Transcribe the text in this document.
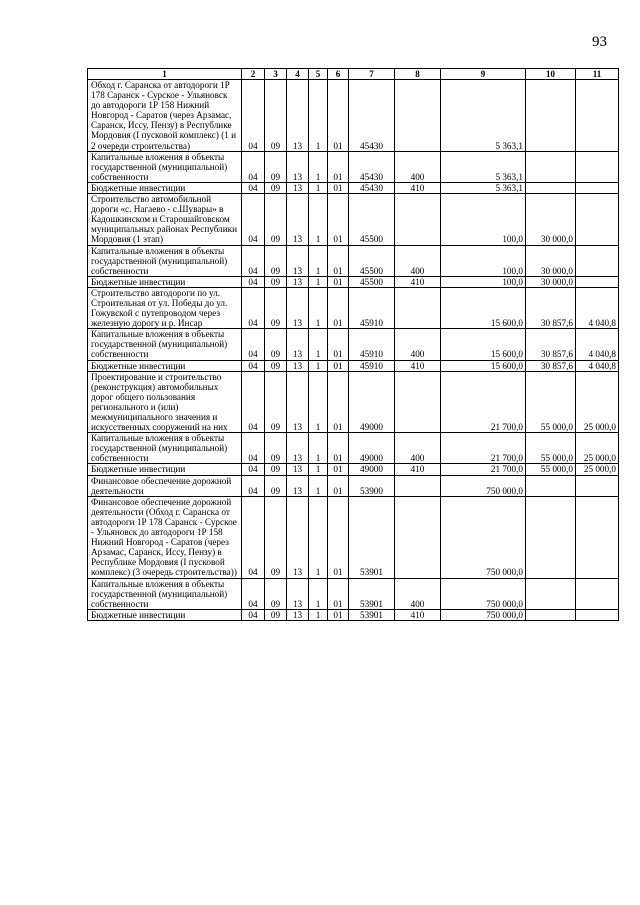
93
1	2	3	4	5	6	7	8	9	10	11
Обход г. Саранска от автодороги 1Р 178 Саранск - Сурское - Ульяновск до автодороги 1Р 158 Нижний Новгород - Саратов (через Арзамас, Саранск, Иссу, Пензу) в Республике Мордовия (I пусковой комплекс) (1 и 2 очереди строительства)	04	09	13	1	01	45430		5 363,1		
Капитальные вложения в объекты государственной (муниципальной) собственности	04	09	13	1	01	45430	400	5 363,1		
Бюджетные инвестиции	04	09	13	1	01	45430	410	5 363,1		
Строительство автомобильной дороги «с. Нагаево - с.Шувары» в Кадошкинском и Старошайговском муниципальных районах Республики Мордовия (1 этап)	04	09	13	1	01	45500		100,0	30 000,0	
Капитальные вложения в объекты государственной (муниципальной) собственности	04	09	13	1	01	45500	400	100,0	30 000,0	
Бюджетные инвестиции	04	09	13	1	01	45500	410	100,0	30 000,0	
Строительство автодороги по ул. Строительная от ул. Победы до ул. Гожувской с путепроводом через железную дорогу и р. Инсар	04	09	13	1	01	45910		15 600,0	30 857,6	4 040,8
Капитальные вложения в объекты государственной (муниципальной) собственности	04	09	13	1	01	45910	400	15 600,0	30 857,6	4 040,8
Бюджетные инвестиции	04	09	13	1	01	45910	410	15 600,0	30 857,6	4 040,8
Проектирование и строительство (реконструкция) автомобильных дорог общего пользования регионального и (или) межмуниципального значения и искусственных сооружений на них	04	09	13	1	01	49000		21 700,0	55 000,0	25 000,0
Капитальные вложения в объекты государственной (муниципальной) собственности	04	09	13	1	01	49000	400	21 700,0	55 000,0	25 000,0
Бюджетные инвестиции	04	09	13	1	01	49000	410	21 700,0	55 000,0	25 000,0
Финансовое обеспечение дорожной деятельности	04	09	13	1	01	53900		750 000,0		
Финансовое обеспечение дорожной деятельности (Обход г. Саранска от автодороги 1Р 178 Саранск - Сурское - Ульяновск до автодороги 1Р 158 Нижний Новгород - Саратов (через Арзамас, Саранск, Иссу, Пензу) в Республике Мордовия (I пусковой комплекс) (3 очередь строительства))	04	09	13	1	01	53901		750 000,0		
Капитальные вложения в объекты государственной (муниципальной) собственности	04	09	13	1	01	53901	400	750 000,0		
Бюджетные инвестиции	04	09	13	1	01	53901	410	750 000,0		
